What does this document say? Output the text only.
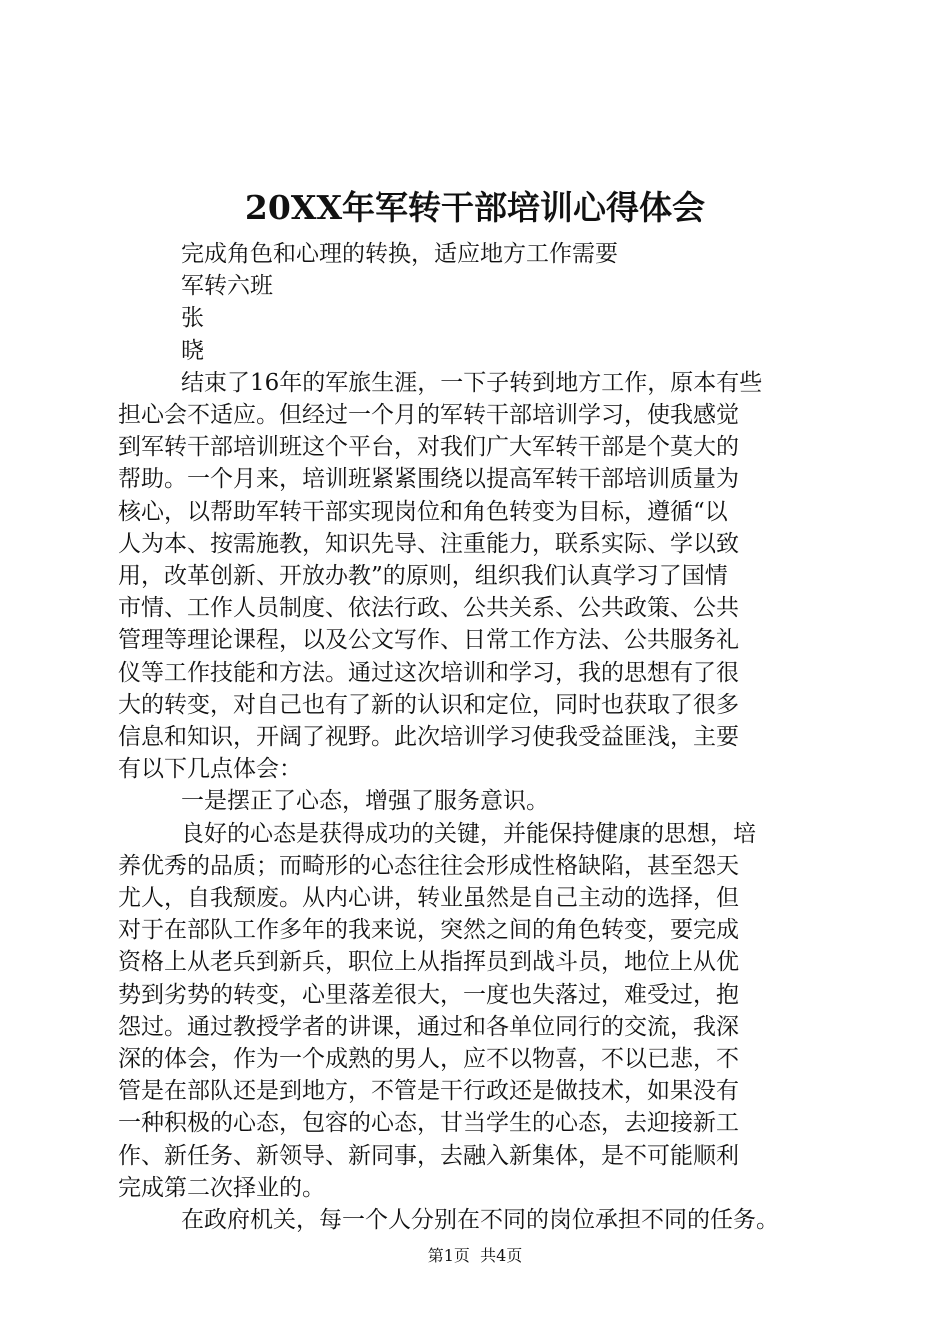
20XX年军转干部培训心得体会

完成角色和心理的转换，适应地方工作需要

军转六班

张

晓

结束了16年的军旅生涯，一下子转到地方工作，原本有些

担心会不适应。但经过一个月的军转干部培训学习，使我感觉

到军转干部培训班这个平台，对我们广大军转干部是个莫大的

帮助。一个月来，培训班紧紧围绕以提高军转干部培训质量为

核心，以帮助军转干部实现岗位和角色转变为目标，遵循“以

人为本、按需施教，知识先导、注重能力，联系实际、学以致

用，改革创新、开放办教”的原则，组织我们认真学习了国情

市情、工作人员制度、依法行政、公共关系、公共政策、公共

管理等理论课程，以及公文写作、日常工作方法、公共服务礼

仪等工作技能和方法。通过这次培训和学习，我的思想有了很

大的转变，对自己也有了新的认识和定位，同时也获取了很多

信息和知识，开阔了视野。此次培训学习使我受益匪浅，主要

有以下几点体会：

一是摆正了心态，增强了服务意识。

良好的心态是获得成功的关键，并能保持健康的思想，培

养优秀的品质；而畸形的心态往往会形成性格缺陷，甚至怨天

尤人，自我颓废。从内心讲，转业虽然是自己主动的选择，但

对于在部队工作多年的我来说，突然之间的角色转变，要完成

资格上从老兵到新兵，职位上从指挥员到战斗员，地位上从优

势到劣势的转变，心里落差很大，一度也失落过，难受过，抱

怨过。通过教授学者的讲课，通过和各单位同行的交流，我深

深的体会，作为一个成熟的男人，应不以物喜，不以已悲，不

管是在部队还是到地方，不管是干行政还是做技术，如果没有

一种积极的心态，包容的心态，甘当学生的心态，去迎接新工

作、新任务、新领导、新同事，去融入新集体，是不可能顺利

完成第二次择业的。

在政府机关，每一个人分别在不同的岗位承担不同的任务。

第1页  共4页
